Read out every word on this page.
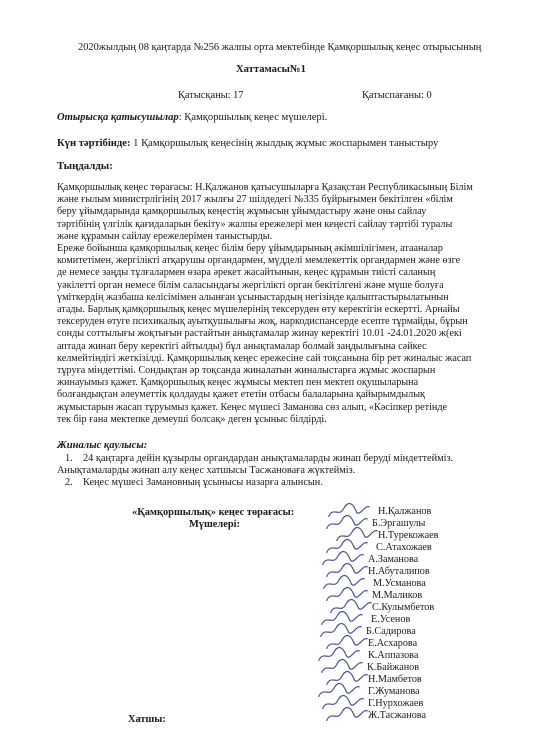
2020жылдың 08 қаңтарда №256 жалпы орта мектебінде Қамқоршылық кеңес отырысының
Хаттамасы№1
Қатысқаны: 17	Қатыспағаны: 0
Отырысқа қатысушылар: Қамқоршылық кеңес мүшелері.
Күн тәртібінде: 1 Қамқоршылық кеңесінің жылдық жұмыс жоспарымен таныстыру
Тыңдалды:
Қамқоршылық кеңес төрағасы: Н.Қалжанов қатысушыларға Қазақстан Республикасының Білім
және ғылым министрлігінің 2017 жылғы 27 шілдедегі №335 бұйрығымен бекітілген «білім
беру ұйымдарында қамқоршылық кеңестің жұмысын ұйымдастыру және оны сайлау
тәртібінің үлгілік қағидаларын бекіту» жалпы ережелері мен кеңесті сайлау тәртібі туралы
және құрамын сайлау ережелерімен таныстырды.
Ереже бойынша қамқоршылық кеңес білім беру ұйымдарының әкімшілігімен, атааналар
комитетімен, жергілікті атқарушы органдармен, мүдделі мемлекеттік органдармен және өзге
де немесе заңды тұлғалармен өзара әрекет жасайтынын, кеңес құрамын тиісті саланың
уәкілетті орган немесе білім саласындағы жергілікті орган бекітілгені және мүше болуға
үміткердің жазбаша келісімімен алынған ұсыныстардың негізінде қалыптастырылатынын
атады. Барлық қамқоршылық кеңес мүшелерінің тексеруден өту керектігін ескертті. Арнайы
тексеруден өтуге психикалық ауытқушылығы жоқ, наркодиспансерде есепте тұрмайды, бұрын
сонды соттылығы жоқтығын растайтын анықтамалар жинау керектігі 10.01 -24.01.2020 ж(екі
аптада жинап беру керектігі айтылды) бұл анықтамалар болмай заңдылығына сәйкес
келмейтіндігі жеткізілді. Қамқоршылық кеңес ережесіне сай тоқсанына бір рет жиналыс жасап
тұруға міндеттімі. Сондықтан әр тоқсанда жиналатын жиналыстарға жұмыс жоспарын
жинауымыз қажет. Қамқоршылық кеңес жұмысы мектеп пен мектеп оқушыларына
болғандықтан әлеуметтік қолдауды қажет ететін отбасы балаларына қайырымдылық
жұмыстарын жасап тұруымыз қажет. Кеңес мүшесі Заманова сөз алып, «Кәсіпкер ретінде
тек бір ғана мектепке демеуші болсақ» деген ұсыныс білдірді.
Жиналыс қаулысы:
1. 24 қаңтарға дейін құзырлы органдардан анықтамаларды жинап беруді міндеттейміз.
Анықтамаларды жинап алу кеңес хатшысы Тасжановаға жүктейміз.
2. Кеңес мүшесі Замановның ұсынысы назарға алынсын.
«Қамқоршылық» кеңес төрағасы:
Мүшелері:
Хатшы:
Н.Қалжанов
Б.Эргашулы
Н.Турекожаев
С.Атахожаев
А.Заманова
Н.Абуталипов
М.Усманова
М.Маликов
С.Кулымбетов
Е.Усенов
Б.Садирова
Е.Асхарова
К.Аппазова
К.Байжанов
Н.Мамбетов
Г.Жуманова
Г.Нурхожаев
Ж.Тасжанова
